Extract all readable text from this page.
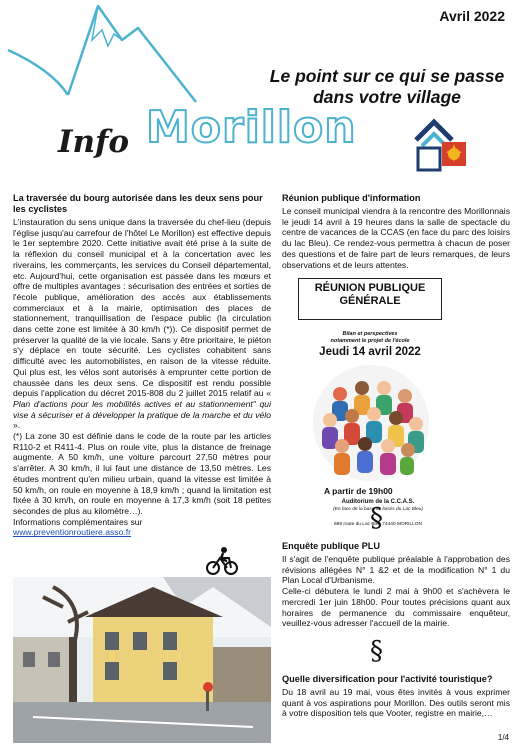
Info Morillon
Avril 2022
Le point sur ce qui se passe dans votre village
La traversée du bourg autorisée dans les deux sens pour les cyclistes

L'instauration du sens unique dans la traversée du chef-lieu (depuis l'église jusqu'au carrefour de l'hôtel Le Morillon) est effective depuis le 1er septembre 2020. Cette initiative avait été prise à la suite de la réflexion du conseil municipal et à la concertation avec les riverains, les commerçants, les services du Conseil départemental, etc. Aujourd'hui, cette organisation est passée dans les mœurs et offre de multiples avantages : sécurisation des entrées et sorties de l'école publique, amélioration des accès aux établissements commerciaux et à la mairie, optimisation des places de stationnement, tranquillisation de l'espace public (la circulation dans cette zone est limitée à 30 km/h (*)). Ce dispositif permet de préserver la qualité de la vie locale. Sans y être prioritaire, le piéton s'y déplace en toute sécurité. Les cyclistes cohabitent sans difficulté avec les automobilistes, en raison de la vitesse réduite. Qui plus est, les vélos sont autorisés à emprunter cette portion de chaussée dans les deux sens. Ce dispositif est rendu possible depuis l'application du décret 2015-808 du 2 juillet 2015 relatif au « Plan d'actions pour les mobilités actives et au stationnement" qui vise à sécuriser et à développer la pratique de la marche et du vélo ».

(*) La zone 30 est définie dans le code de la route par les articles R110-2 et R411-4. Plus on roule vite, plus la distance de freinage augmente. A 50 km/h, une voiture parcourt 27,50 mètres pour s'arrêter. A 30 km/h, il lui faut une distance de 13,50 mètres. Les études montrent qu'en milieu urbain, quand la vitesse est limitée à 50 km/h, on roule en moyenne à 18,9 km/h ; quand la limitation est fixée à 30 km/h, on roule en moyenne à 17,3 km/h (soit 18 petites secondes de plus au kilomètre…).

Informations complémentaires sur

www.preventionroutiere.asso.fr

Réunion publique d'information

Le conseil municipal viendra à la rencontre des Morillonnais le jeudi 14 avril à 19 heures dans la salle de spectacle du centre de vacances de la CCAS (en face du parc des loisirs du lac Bleu). Ce rendez-vous permettra à chacun de poser des questions et de faire part de leurs remarques, de leurs observations et de leurs attentes.

RÉUNION PUBLIQUE
GÉNÉRALE
Bilan et perspectives
notamment le projet de l'école
Jeudi 14 avril 2022
A partir de 19h00
Auditorium de la C.C.A.S.
(En face de la base de loisirs du Lac Bleu)
689 route du Lac Bleu 74440 MORILLON
§
Enquête publique PLU

Il s'agit de l'enquête publique préalable à l'approbation des révisions allégées N° 1 &2 et de la modification N° 1 du Plan Local d'Urbanisme.

Celle-ci débutera le lundi 2 mai à 9h00 et s'achèvera le mercredi 1er juin 18h00. Pour toutes précisions quant aux horaires de permanence du commissaire enquêteur, veuillez-vous adresser l'accueil de la mairie.

§
Quelle diversification pour l'activité touristique?

Du 18 avril au 19 mai, vous êtes invités à vous exprimer quant à vos aspirations pour Morillon. Des outils seront mis à votre disposition tels que Vooter, registre en mairie,…

1/4
